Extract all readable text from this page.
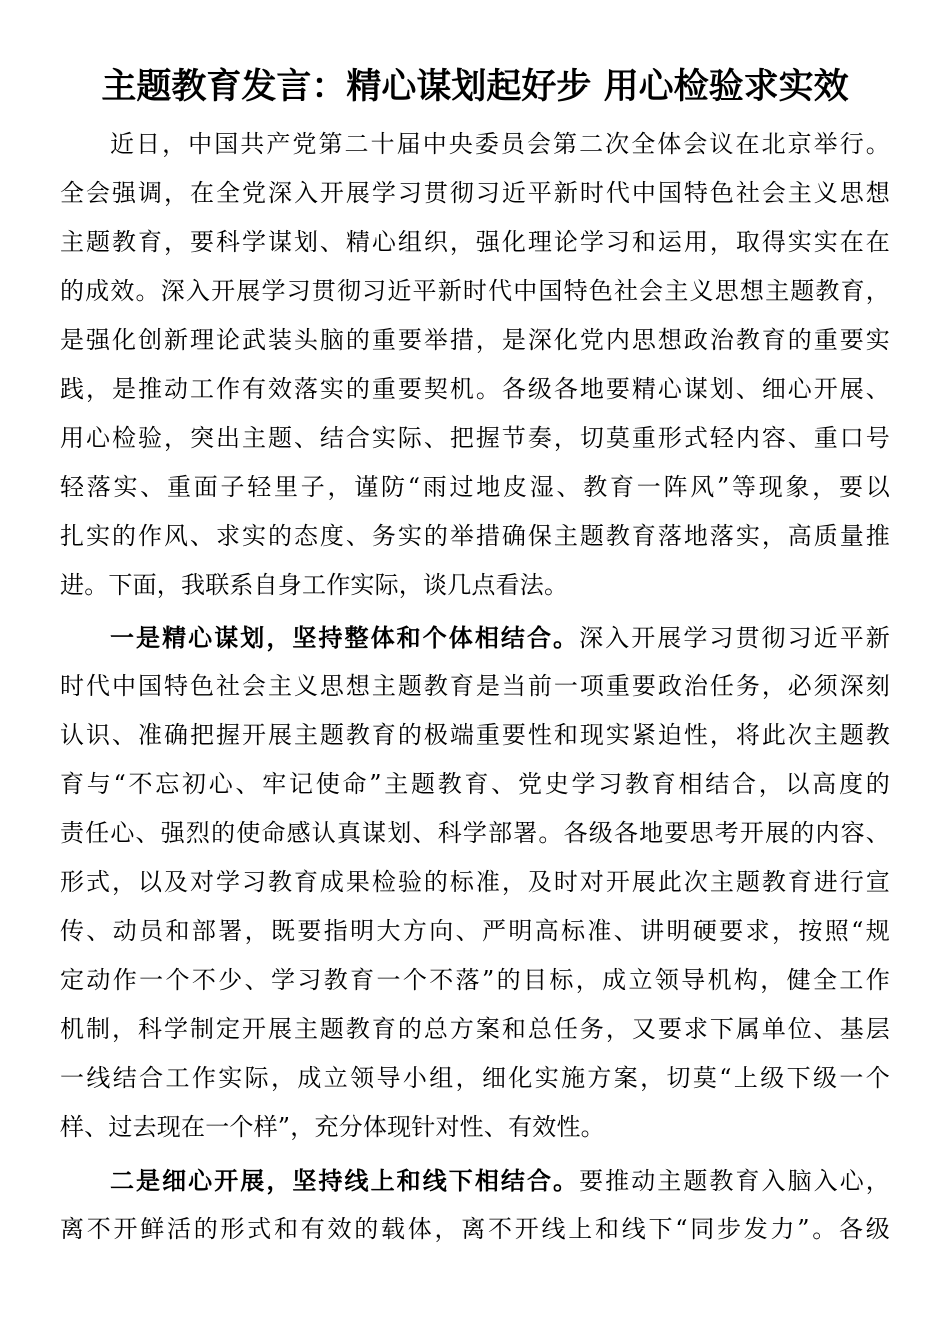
主题教育发言：精心谋划起好步 用心检验求实效
近日，中国共产党第二十届中央委员会第二次全体会议在北京举行。
全会强调，在全党深入开展学习贯彻习近平新时代中国特色社会主义思想
主题教育，要科学谋划、精心组织，强化理论学习和运用，取得实实在在
的成效。深入开展学习贯彻习近平新时代中国特色社会主义思想主题教育，
是强化创新理论武装头脑的重要举措，是深化党内思想政治教育的重要实
践，是推动工作有效落实的重要契机。各级各地要精心谋划、细心开展、
用心检验，突出主题、结合实际、把握节奏，切莫重形式轻内容、重口号
轻落实、重面子轻里子，谨防“雨过地皮湿、教育一阵风”等现象，要以
扎实的作风、求实的态度、务实的举措确保主题教育落地落实，高质量推
进。下面，我联系自身工作实际，谈几点看法。
一是精心谋划，坚持整体和个体相结合。深入开展学习贯彻习近平新
时代中国特色社会主义思想主题教育是当前一项重要政治任务，必须深刻
认识、准确把握开展主题教育的极端重要性和现实紧迫性，将此次主题教
育与“不忘初心、牢记使命”主题教育、党史学习教育相结合，以高度的
责任心、强烈的使命感认真谋划、科学部署。各级各地要思考开展的内容、
形式，以及对学习教育成果检验的标准，及时对开展此次主题教育进行宣
传、动员和部署，既要指明大方向、严明高标准、讲明硬要求，按照“规
定动作一个不少、学习教育一个不落”的目标，成立领导机构，健全工作
机制，科学制定开展主题教育的总方案和总任务，又要求下属单位、基层
一线结合工作实际，成立领导小组，细化实施方案，切莫“上级下级一个
样、过去现在一个样”，充分体现针对性、有效性。
二是细心开展，坚持线上和线下相结合。要推动主题教育入脑入心，
离不开鲜活的形式和有效的载体，离不开线上和线下“同步发力”。各级
